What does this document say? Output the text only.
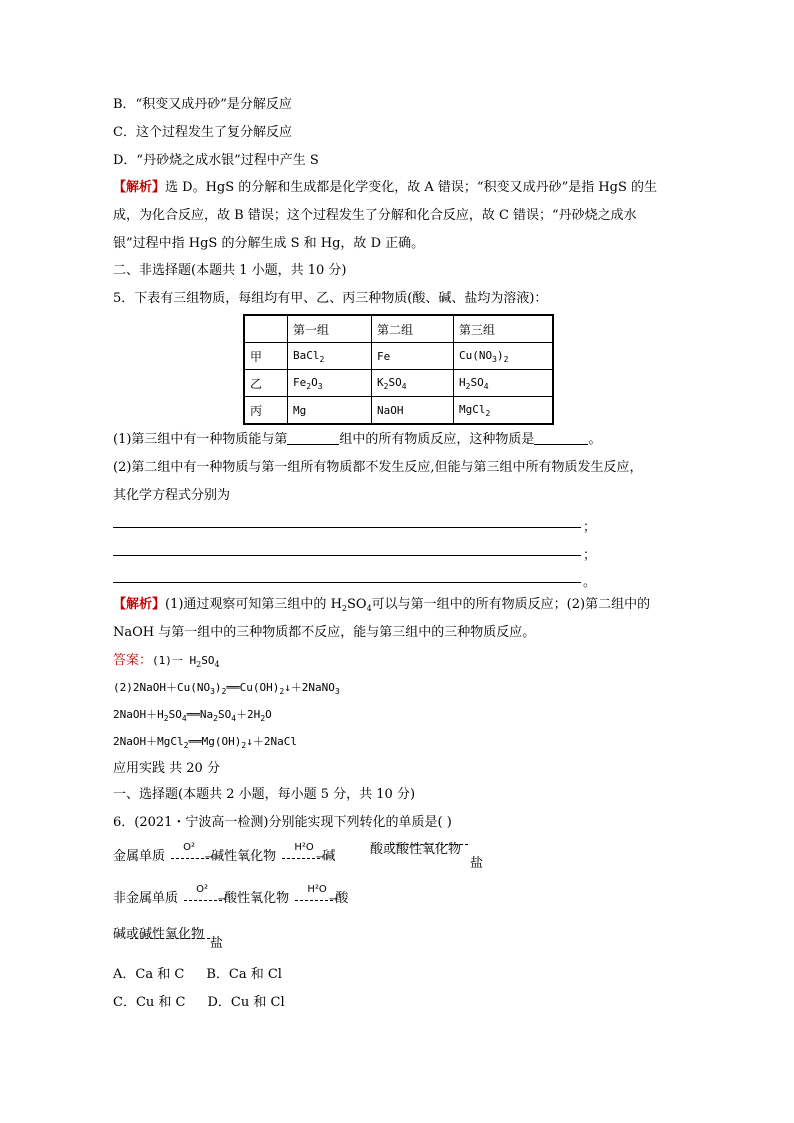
B．“积变又成丹砂”是分解反应
C．这个过程发生了复分解反应
D．“丹砂烧之成水银”过程中产生 S
【解析】选 D。HgS 的分解和生成都是化学变化，故 A 错误；“积变又成丹砂”是指 HgS 的生
成，为化合反应，故 B 错误；这个过程发生了分解和化合反应，故 C 错误；“丹砂烧之成水
银”过程中指 HgS 的分解生成 S 和 Hg，故 D 正确。
二、非选择题(本题共 1 小题，共 10 分)
5．下表有三组物质，每组均有甲、乙、丙三种物质(酸、碱、盐均为溶液)：
	第一组	第二组	第三组
甲	BaCl$_2$	Fe	$Cu(NO_3)_2$
乙	$Fe_2O_3$	$K_2SO_4$	$H_2SO_4$
丙	Mg	NaOH	MgCl$_2$
(1)第三组中有一种物质能与第	组中的所有物质反应，这种物质是	。
(2)第二组中有一种物质与第一组所有物质都不发生反应,但能与第三组中所有物质发生反应，
其化学方程式分别为
；
；
。
【解析】(1)通过观察可知第三组中的 $H_2SO_4$可以与第一组中的所有物质反应；(2)第二组中的
NaOH 与第一组中的三种物质都不反应，能与第三组中的三种物质反应。
答案：(1)一 $H_2SO_4$
$(2)2NaOH+Cu(NO_3)_2══Cu(OH)_2↓+2NaNO_3$
$2NaOH+H_2SO_4══Na_2SO_4+2H_2O$
$2NaOH+MgCl_2══Mg(OH)_2↓+2NaCl$
应用实践 共 20 分
一、选择题(本题共 2 小题，每小题 5 分，共 10 分)
6．(2021・宁波高一检测)分别能实现下列转化的单质是( )
金属单质
O²
→
碱性氧化物
H²O
→
碱	酸或酸性氧化物
盐
非金属单质
O²
→
酸性氧化物
H²O
→
酸
碱或碱性氧化物
盐
A．Ca 和 C B．Ca 和 Cl
C．Cu 和 C D．Cu 和 Cl
